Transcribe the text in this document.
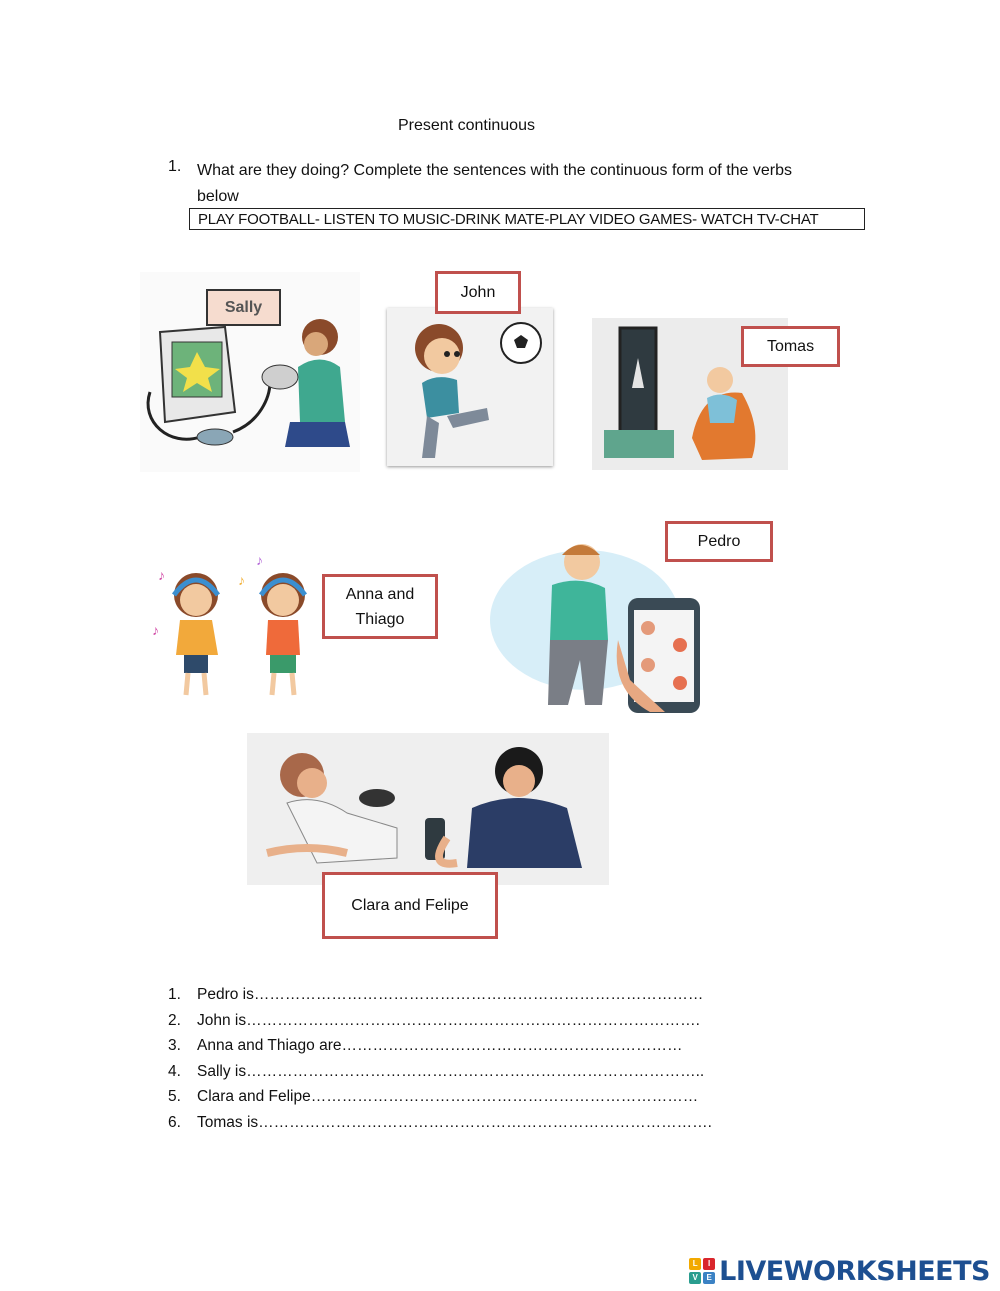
Present continuous
1. What are they doing? Complete the sentences with the continuous form of the verbs below
PLAY FOOTBALL- LISTEN TO MUSIC-DRINK MATE-PLAY VIDEO GAMES- WATCH TV-CHAT
Sally
John
Tomas
♪
♪
♪
♪
Anna and Thiago
Pedro
Clara and Felipe
1.	Pedro is……………………………………………………………………………
2.	John is…………………………………………………………………………….
3.	Anna and Thiago are…………………………………………………………
4.	Sally is……………………………………………………………………………..
5.	Clara and Felipe…………………………………………………………………
6.	Tomas is…………………………………………………………………………….
L	I
V	E LIVEWORKSHEETS
